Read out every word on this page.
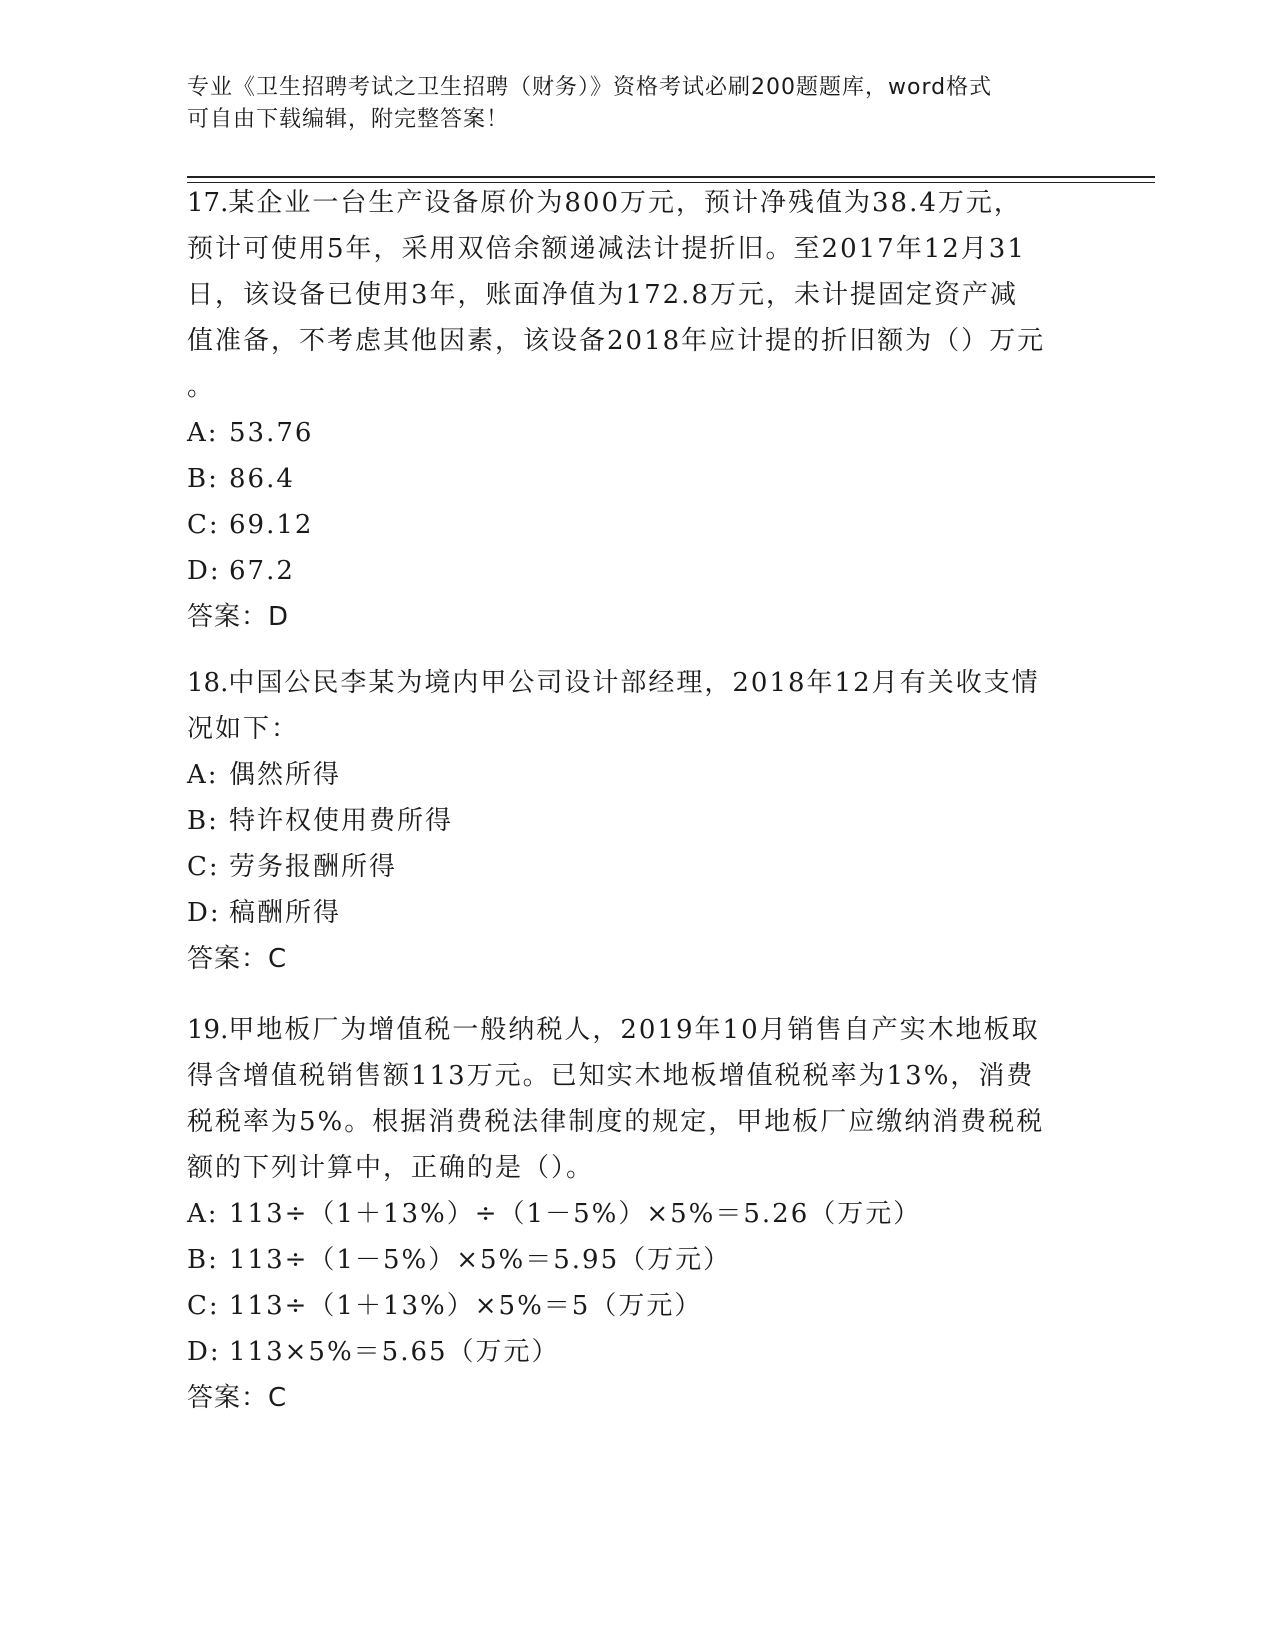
专业《卫生招聘考试之卫生招聘（财务）》资格考试必刷200题题库，word格式
可自由下载编辑，附完整答案！
17.某企业一台生产设备原价为800万元，预计净残值为38.4万元，
预计可使用5年，采用双倍余额递减法计提折旧。至2017年12月31
日，该设备已使用3年，账面净值为172.8万元，未计提固定资产减
值准备，不考虑其他因素，该设备2018年应计提的折旧额为（）万元
。
A: 53.76
B: 86.4
C: 69.12
D: 67.2
答案：D
18.中国公民李某为境内甲公司设计部经理，2018年12月有关收支情
况如下：
A: 偶然所得
B: 特许权使用费所得
C: 劳务报酬所得
D: 稿酬所得
答案：C
19.甲地板厂为增值税一般纳税人，2019年10月销售自产实木地板取
得含增值税销售额113万元。已知实木地板增值税税率为13%，消费
税税率为5%。根据消费税法律制度的规定，甲地板厂应缴纳消费税税
额的下列计算中，正确的是（）。
A: 113÷（1＋13%）÷（1－5%）×5%＝5.26（万元）
B: 113÷（1－5%）×5%＝5.95（万元）
C: 113÷（1＋13%）×5%＝5（万元）
D: 113×5%＝5.65（万元）
答案：C
